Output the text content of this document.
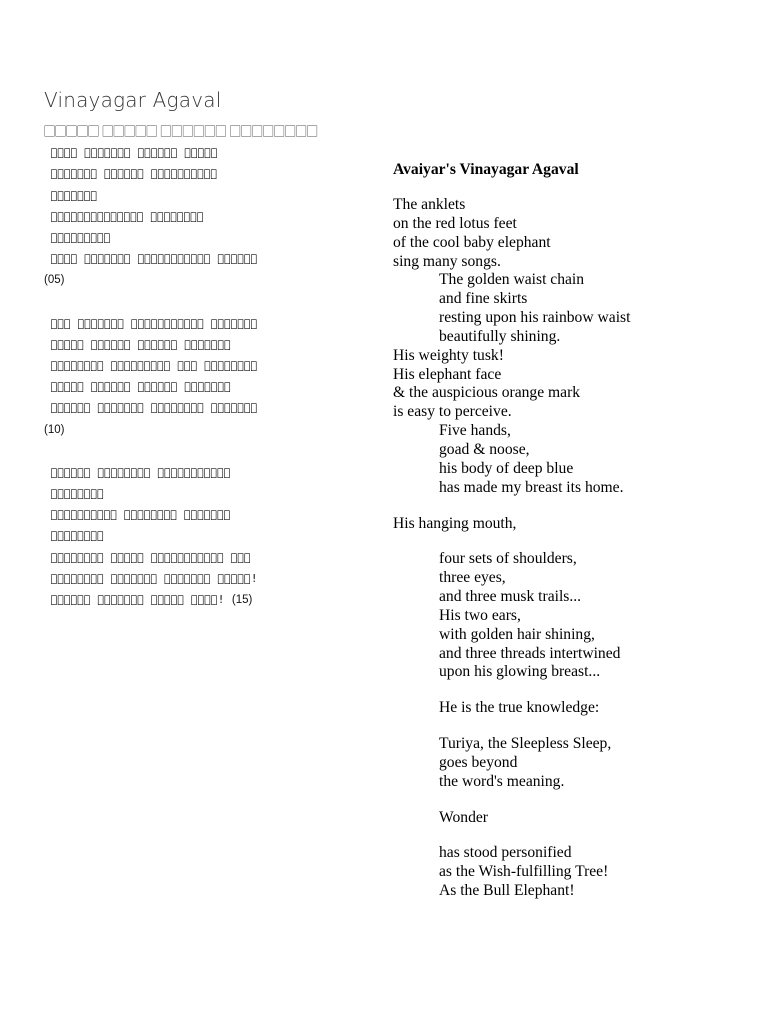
Vinayagar Agaval
⃞⃞⃞⃞⃞ ⃞⃞⃞⃞⃞ ⃞⃞⃞⃞⃞⃞ ⃞⃞⃞⃞⃞⃞⃞⃞
⃞⃞⃞⃞ ⃞⃞⃞⃞⃞⃞⃞ ⃞⃞⃞⃞⃞⃞ ⃞⃞⃞⃞⃞
⃞⃞⃞⃞⃞⃞⃞ ⃞⃞⃞⃞⃞⃞ ⃞⃞⃞⃞⃞⃞⃞⃞⃞⃞
⃞⃞⃞⃞⃞⃞⃞
⃞⃞⃞⃞⃞⃞⃞⃞⃞⃞⃞⃞⃞⃞ ⃞⃞⃞⃞⃞⃞⃞⃞
⃞⃞⃞⃞⃞⃞⃞⃞⃞
⃞⃞⃞⃞ ⃞⃞⃞⃞⃞⃞⃞ ⃞⃞⃞⃞⃞⃞⃞⃞⃞⃞⃞ ⃞⃞⃞⃞⃞⃞
(05)
⃞⃞⃞ ⃞⃞⃞⃞⃞⃞⃞ ⃞⃞⃞⃞⃞⃞⃞⃞⃞⃞⃞ ⃞⃞⃞⃞⃞⃞⃞
⃞⃞⃞⃞⃞ ⃞⃞⃞⃞⃞⃞ ⃞⃞⃞⃞⃞⃞ ⃞⃞⃞⃞⃞⃞⃞
⃞⃞⃞⃞⃞⃞⃞⃞ ⃞⃞⃞⃞⃞⃞⃞⃞⃞ ⃞⃞⃞ ⃞⃞⃞⃞⃞⃞⃞⃞
⃞⃞⃞⃞⃞ ⃞⃞⃞⃞⃞⃞ ⃞⃞⃞⃞⃞⃞ ⃞⃞⃞⃞⃞⃞⃞
⃞⃞⃞⃞⃞⃞ ⃞⃞⃞⃞⃞⃞⃞ ⃞⃞⃞⃞⃞⃞⃞⃞ ⃞⃞⃞⃞⃞⃞⃞
(10)
⃞⃞⃞⃞⃞⃞ ⃞⃞⃞⃞⃞⃞⃞⃞ ⃞⃞⃞⃞⃞⃞⃞⃞⃞⃞⃞
⃞⃞⃞⃞⃞⃞⃞⃞
⃞⃞⃞⃞⃞⃞⃞⃞⃞⃞ ⃞⃞⃞⃞⃞⃞⃞⃞ ⃞⃞⃞⃞⃞⃞⃞
⃞⃞⃞⃞⃞⃞⃞⃞
⃞⃞⃞⃞⃞⃞⃞⃞ ⃞⃞⃞⃞⃞ ⃞⃞⃞⃞⃞⃞⃞⃞⃞⃞⃞ ⃞⃞⃞
⃞⃞⃞⃞⃞⃞⃞⃞ ⃞⃞⃞⃞⃞⃞⃞ ⃞⃞⃞⃞⃞⃞⃞ ⃞⃞⃞⃞⃞!
⃞⃞⃞⃞⃞⃞ ⃞⃞⃞⃞⃞⃞⃞ ⃞⃞⃞⃞⃞ ⃞⃞⃞⃞! (15)
Avaiyar's Vinayagar Agaval
The anklets
on the red lotus feet
of the cool baby elephant
sing many songs.
The golden waist chain
and fine skirts
resting upon his rainbow waist
beautifully shining.
His weighty tusk!
His elephant face
& the auspicious orange mark
is easy to perceive.
Five hands,
goad & noose,
his body of deep blue
has made my breast its home.
His hanging mouth,
four sets of shoulders,
three eyes,
and three musk trails...
His two ears,
with golden hair shining,
and three threads intertwined
upon his glowing breast...
He is the true knowledge:
Turiya, the Sleepless Sleep,
goes beyond
the word's meaning.
Wonder
has stood personified
as the Wish-fulfilling Tree!
As the Bull Elephant!
